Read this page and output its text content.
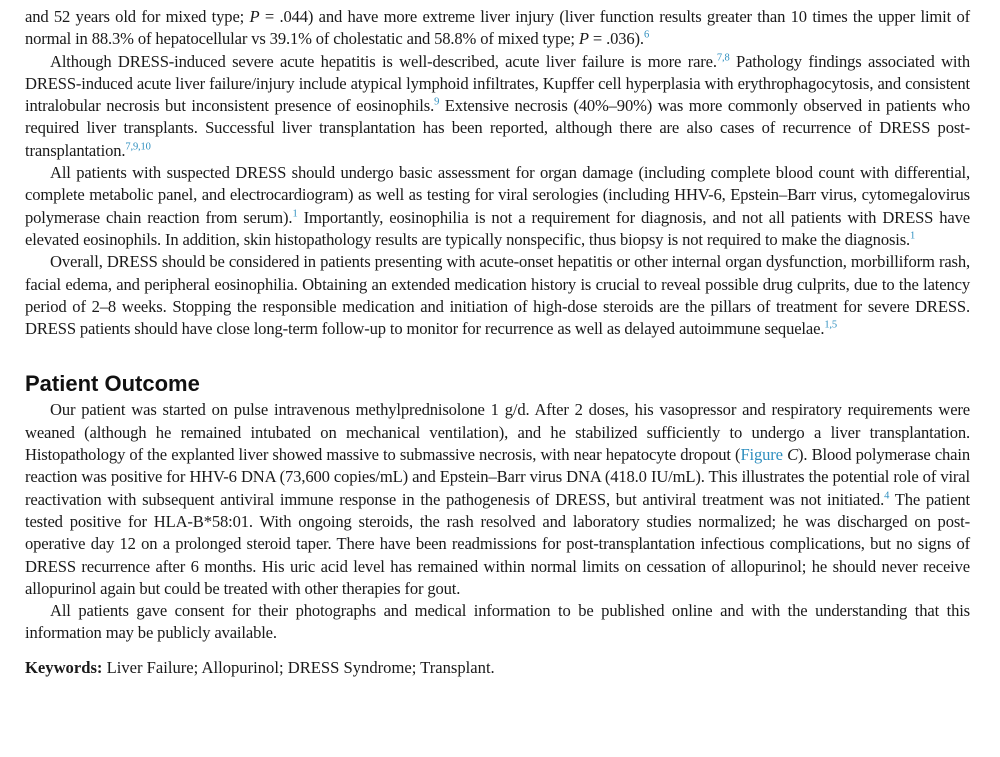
and 52 years old for mixed type; P = .044) and have more extreme liver injury (liver function results greater than 10 times the upper limit of normal in 88.3% of hepatocellular vs 39.1% of cholestatic and 58.8% of mixed type; P = .036).$^6$

Although DRESS-induced severe acute hepatitis is well-described, acute liver failure is more rare.$^{7,8}$ Pathology findings associated with DRESS-induced acute liver failure/injury include atypical lymphoid infiltrates, Kupffer cell hyperplasia with erythrophagocytosis, and consistent intralobular necrosis but inconsistent presence of eosinophils.$^9$ Extensive necrosis (40%–90%) was more commonly observed in patients who required liver transplants. Successful liver transplantation has been reported, although there are also cases of recurrence of DRESS post-transplantation.$^{7,9,10}$

All patients with suspected DRESS should undergo basic assessment for organ damage (including complete blood count with differential, complete metabolic panel, and electrocardiogram) as well as testing for viral serologies (including HHV-6, Epstein–Barr virus, cytomegalovirus polymerase chain reaction from serum).$^1$ Importantly, eosinophilia is not a requirement for diagnosis, and not all patients with DRESS have elevated eosinophils. In addition, skin histopathology results are typically nonspecific, thus biopsy is not required to make the diagnosis.$^1$

Overall, DRESS should be considered in patients presenting with acute-onset hepatitis or other internal organ dysfunction, morbilliform rash, facial edema, and peripheral eosinophilia. Obtaining an extended medication history is crucial to reveal possible drug culprits, due to the latency period of 2–8 weeks. Stopping the responsible medication and initiation of high-dose steroids are the pillars of treatment for severe DRESS. DRESS patients should have close long-term follow-up to monitor for recurrence as well as delayed autoimmune sequelae.$^{1,5}$

Patient Outcome

Our patient was started on pulse intravenous methylprednisolone 1 g/d. After 2 doses, his vasopressor and respiratory requirements were weaned (although he remained intubated on mechanical ventilation), and he stabilized sufficiently to undergo a liver transplantation. Histopathology of the explanted liver showed massive to submassive necrosis, with near hepatocyte dropout (Figure C). Blood polymerase chain reaction was positive for HHV-6 DNA (73,600 copies/mL) and Epstein–Barr virus DNA (418.0 IU/mL). This illustrates the potential role of viral reactivation with subsequent antiviral immune response in the pathogenesis of DRESS, but antiviral treatment was not initiated.$^4$ The patient tested positive for HLA-B*58:01. With ongoing steroids, the rash resolved and laboratory studies normalized; he was discharged on post-operative day 12 on a prolonged steroid taper. There have been readmissions for post-transplantation infectious complications, but no signs of DRESS recurrence after 6 months. His uric acid level has remained within normal limits on cessation of allopurinol; he should never receive allopurinol again but could be treated with other therapies for gout.

All patients gave consent for their photographs and medical information to be published online and with the understanding that this information may be publicly available.

Keywords: Liver Failure; Allopurinol; DRESS Syndrome; Transplant.
